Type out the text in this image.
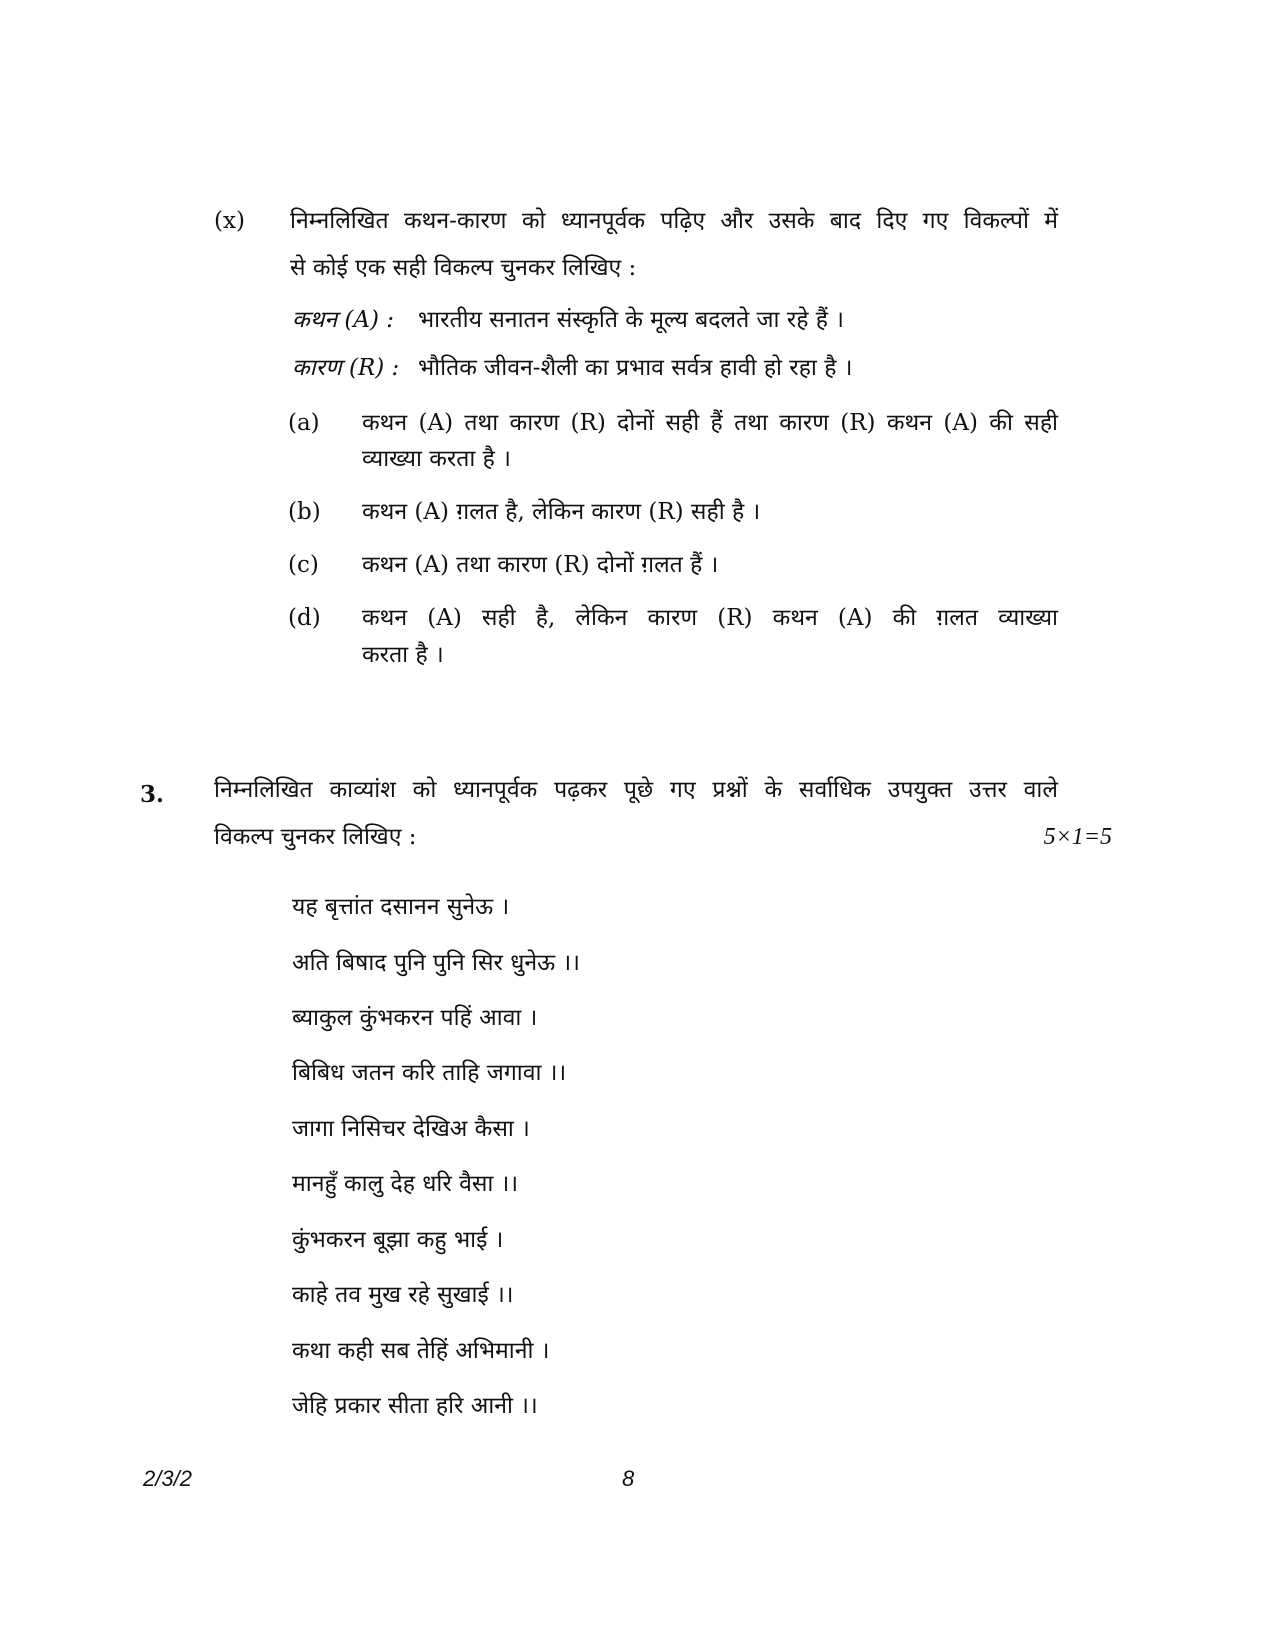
(x) निम्नलिखित कथन-कारण को ध्यानपूर्वक पढ़िए और उसके बाद दिए गए विकल्पों में
से कोई एक सही विकल्प चुनकर लिखिए :
कथन (A) : भारतीय सनातन संस्कृति के मूल्य बदलते जा रहे हैं ।
कारण (R) : भौतिक जीवन-शैली का प्रभाव सर्वत्र हावी हो रहा है ।
(a) कथन (A) तथा कारण (R) दोनों सही हैं तथा कारण (R) कथन (A) की सही
व्याख्या करता है ।
(b) कथन (A) ग़लत है, लेकिन कारण (R) सही है ।
(c) कथन (A) तथा कारण (R) दोनों ग़लत हैं ।
(d) कथन (A) सही है, लेकिन कारण (R) कथन (A) की ग़लत व्याख्या
करता है ।
3. निम्नलिखित काव्यांश को ध्यानपूर्वक पढ़कर पूछे गए प्रश्नों के सर्वाधिक उपयुक्त उत्तर वाले
विकल्प चुनकर लिखिए :	5×1=5
यह बृत्तांत दसानन सुनेऊ ।
अति बिषाद पुनि पुनि सिर धुनेऊ ।।
ब्याकुल कुंभकरन पहिं आवा ।
बिबिध जतन करि ताहि जगावा ।।
जागा निसिचर देखिअ कैसा ।
मानहुँ कालु देह धरि वैसा ।।
कुंभकरन बूझा कहु भाई ।
काहे तव मुख रहे सुखाई ।।
कथा कही सब तेहिं अभिमानी ।
जेहि प्रकार सीता हरि आनी ।।
2/3/2	8
